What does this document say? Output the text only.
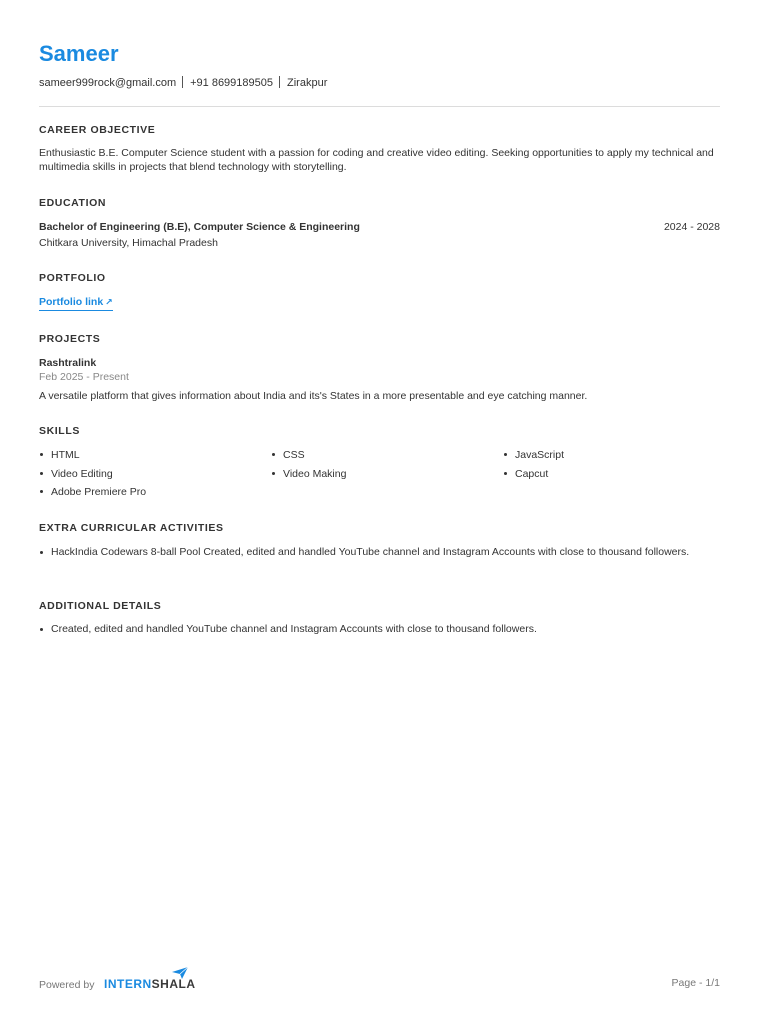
Sameer
sameer999rock@gmail.com +91 8699189505 Zirakpur
CAREER OBJECTIVE
Enthusiastic B.E. Computer Science student with a passion for coding and creative video editing. Seeking opportunities to apply my technical and multimedia skills in projects that blend technology with storytelling.
EDUCATION
Bachelor of Engineering (B.E), Computer Science & Engineering	2024 - 2028
Chitkara University, Himachal Pradesh
PORTFOLIO
Portfolio link ↗
PROJECTS
Rashtralink
Feb 2025 - Present
A versatile platform that gives information about India and its's States in a more presentable and eye catching manner.
SKILLS
HTML	CSS	JavaScript
Video Editing	Video Making	Capcut
Adobe Premiere Pro
EXTRA CURRICULAR ACTIVITIES
HackIndia Codewars 8-ball Pool Created, edited and handled YouTube channel and Instagram Accounts with close to thousand followers.
ADDITIONAL DETAILS
Created, edited and handled YouTube channel and Instagram Accounts with close to thousand followers.
Powered by INTERNSHALA	Page - 1/1
